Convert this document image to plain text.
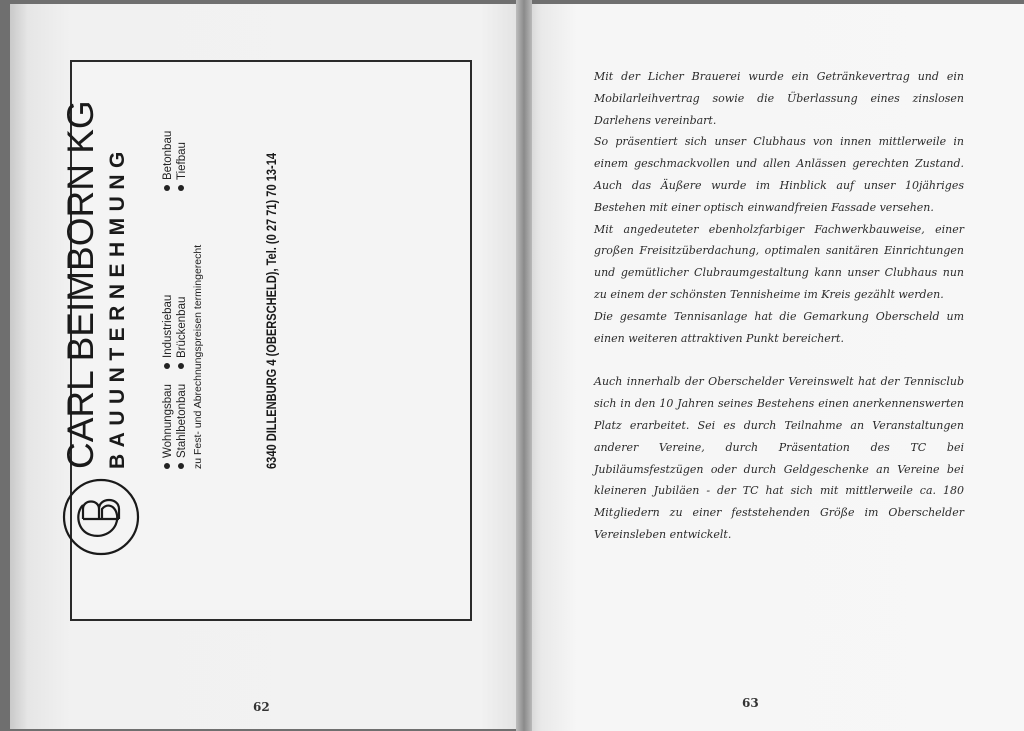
CARL BEIMBORN KG BAUUNTERNEHMUNG	Wohnungsbau
Industriebau
Betonbau
Stahlbetonbau
Brückenbau
Tiefbau
zu Fest- und Abrechnungspreisen termingerecht	6340 DILLENBURG 4 (OBERSCHELD), Tel. (0 27 71) 70 13-14
62	63

Mit der Licher Brauerei wurde ein Getränkevertrag und ein Mobilarleihvertrag sowie die Überlassung eines zinslosen Darlehens vereinbart.

So präsentiert sich unser Clubhaus von innen mittlerweile in einem geschmackvollen und allen Anlässen gerechten Zustand. Auch das Äußere wurde im Hinblick auf unser 10jähriges Bestehen mit einer optisch einwandfreien Fassade versehen.

Mit angedeuteter ebenholzfarbiger Fachwerkbauweise, einer großen Freisitzüberdachung, optimalen sanitären Einrichtungen und gemütlicher Clubraumgestaltung kann unser Clubhaus nun zu einem der schönsten Tennisheime im Kreis gezählt werden.

Die gesamte Tennisanlage hat die Gemarkung Oberscheld um einen weiteren attraktiven Punkt bereichert.

Auch innerhalb der Oberschelder Vereinswelt hat der Tennisclub sich in den 10 Jahren seines Bestehens einen anerkennenswerten Platz erarbeitet. Sei es durch Teilnahme an Veranstaltungen anderer Vereine, durch Präsentation des TC bei Jubiläumsfestzügen oder durch Geldgeschenke an Vereine bei kleineren Jubiläen - der TC hat sich mit mittlerweile ca. 180 Mitgliedern zu einer feststehenden Größe im Oberschelder Vereinsleben entwickelt.
